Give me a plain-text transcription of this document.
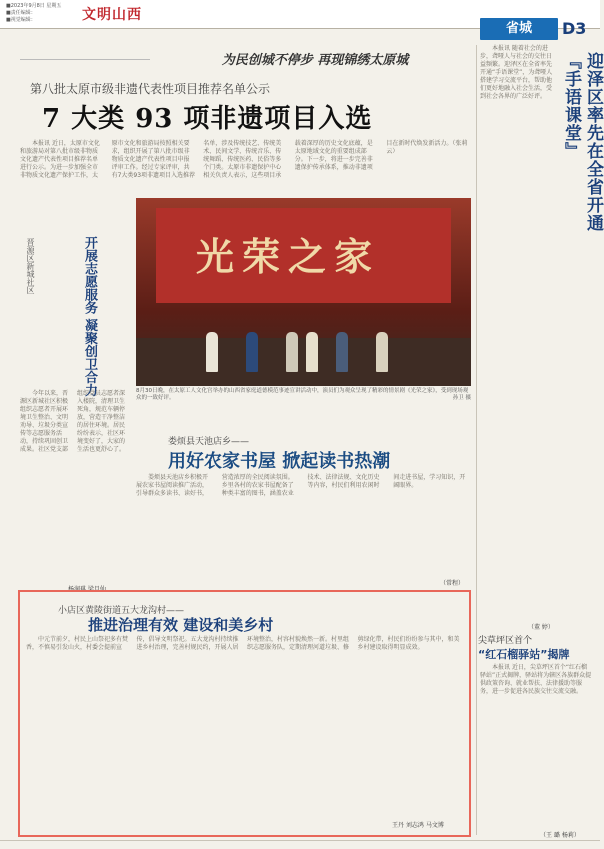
■2023年9月8日 星期五
■责任编辑：
■视觉编辑：	文明山西
省城	D3
为民创城不停步 再现锦绣太原城
第八批太原市级非遗代表性项目推荐名单公示
7 大类 93 项非遗项目入选
本报讯 近日，太原市文化和旅游局对第八批市级非物质文化遗产代表性项目推荐名单进行公示。为进一步加强全市非物质文化遗产保护工作，太原市文化和旅游局按照相关要求，组织开展了第八批市级非物质文化遗产代表性项目申报评审工作。经过专家评审，共有7大类93项非遗项目入选推荐名单，涉及传统技艺、传统美术、民间文学、传统音乐、传统舞蹈、传统医药、民俗等多个门类。太原市非遗保护中心相关负责人表示，这些项目承载着深厚的历史文化底蕴，是太原地域文化的重要组成部分。下一步，将进一步完善非遗保护传承体系，推动非遗项目在新时代焕发新活力。（张莉云）
晋源区新城社区	开展志愿服务 凝聚创卫合力
今年以来，晋源区新城社区积极组织志愿者开展环境卫生整治、文明劝导、垃圾分类宣传等志愿服务活动，持续巩固创卫成果。社区党支部组织党员志愿者深入楼院，清理卫生死角，规范车辆停放，营造干净整洁的居住环境。居民纷纷表示，社区环境变好了，大家的生活也更舒心了。
杨润琪 梁月仙
光荣之家
8月30日晚，在太原工人文化宫举办的山西省家庭道德模范事迹宣讲活动中，演员们为观众呈现了精彩的情景剧《光荣之家》，受到现场观众的一致好评。	孙卫 摄
娄烦县天池店乡——
用好农家书屋 掀起读书热潮
娄烦县天池店乡积极开展农家书屋阅读推广活动，引导群众多读书、读好书，营造浓厚的全民阅读氛围。乡里各村的农家书屋配备了种类丰富的图书，涵盖农业技术、法律法规、文化历史等内容，村民们利用农闲时间走进书屋，学习知识，开阔眼界。
（常程）
迎泽区率先在全省开通『手语课堂』
本报讯 随着社会的进步，聋哑人与社会的交往日益频繁。迎泽区在全省率先开通“手语课堂”，为聋哑人搭建学习交流平台，帮助他们更好地融入社会生活，受到社会各界的广泛好评。
（董 婷）
尖草坪区首个
“红石榴驿站”揭牌
本报讯 近日，尖草坪区首个“红石榴驿站”正式揭牌，驿站将为辖区各族群众提供政策咨询、就业帮扶、法律援助等服务，进一步促进各民族交往交流交融。
（王 璐 杨莉）
小店区黄陵街道五大龙沟村——
推进治理有效 建设和美乡村
中元节前夕，村民上山祭祀多有焚香，不慎易引发山火，村委会提前宣传，倡导文明祭祀。五大龙沟村持续推进乡村治理，完善村规民约，开展人居环境整治，村容村貌焕然一新。村里组织志愿服务队，定期清理河道垃圾、修剪绿化带，村民们纷纷参与其中，和美乡村建设取得明显成效。
王丹 刘志鸿 马文博
